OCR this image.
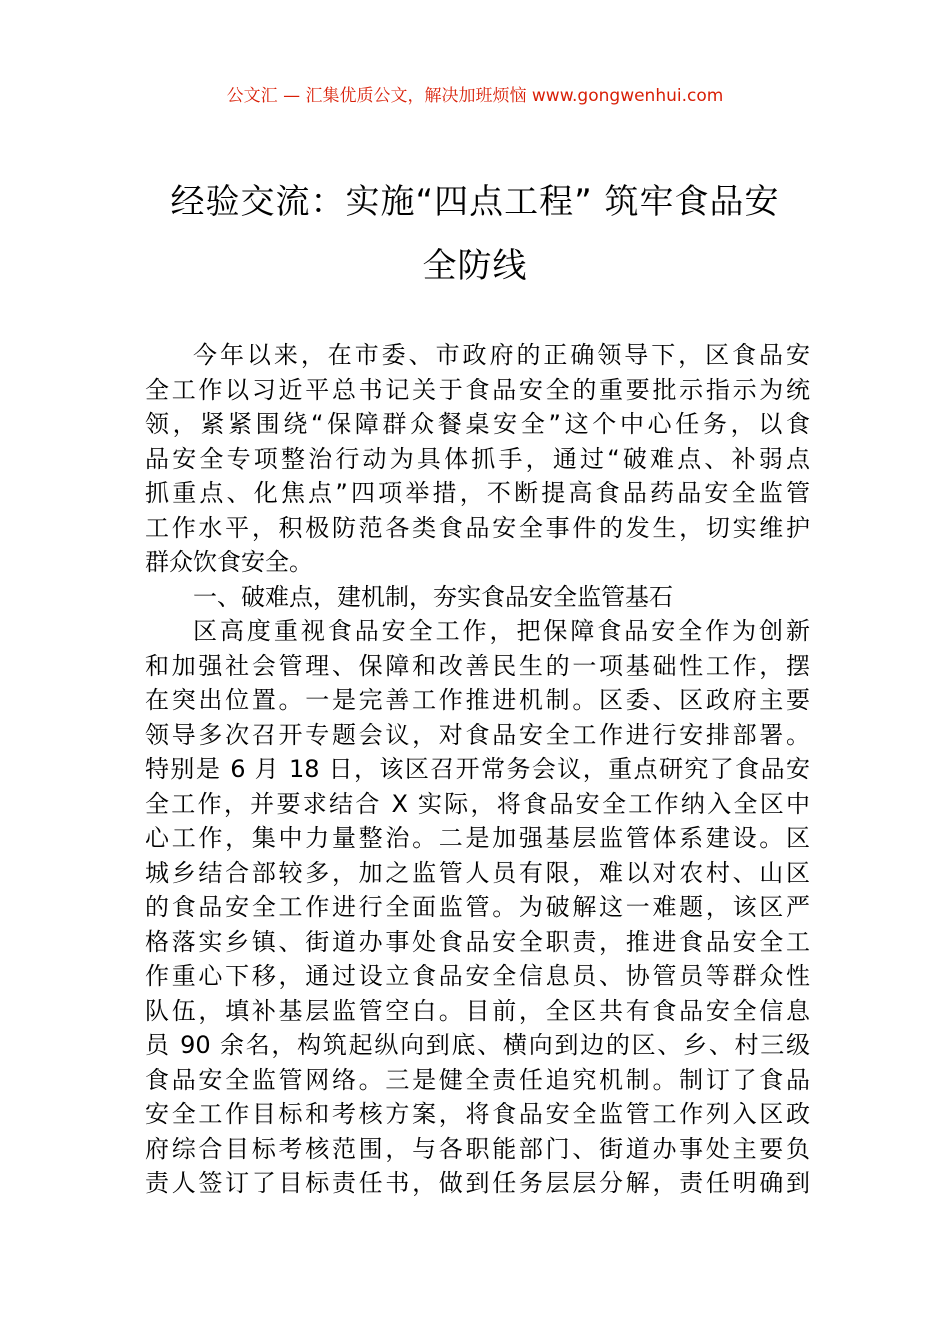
公文汇 — 汇集优质公文，解决加班烦恼 www.gongwenhui.com
经验交流：实施“四点工程” 筑牢食品安
全防线
今年以来，在市委、市政府的正确领导下，区食品安
全工作以习近平总书记关于食品安全的重要批示指示为统
领，紧紧围绕“保障群众餐桌安全”这个中心任务，以食
品安全专项整治行动为具体抓手，通过“破难点、补弱点
抓重点、化焦点”四项举措，不断提高食品药品安全监管
工作水平，积极防范各类食品安全事件的发生，切实维护
群众饮食安全。
一、破难点，建机制，夯实食品安全监管基石
区高度重视食品安全工作，把保障食品安全作为创新
和加强社会管理、保障和改善民生的一项基础性工作，摆
在突出位置。一是完善工作推进机制。区委、区政府主要
领导多次召开专题会议，对食品安全工作进行安排部署。
特别是 6 月 18 日，该区召开常务会议，重点研究了食品安
全工作，并要求结合 X 实际，将食品安全工作纳入全区中
心工作，集中力量整治。二是加强基层监管体系建设。区
城乡结合部较多，加之监管人员有限，难以对农村、山区
的食品安全工作进行全面监管。为破解这一难题，该区严
格落实乡镇、街道办事处食品安全职责，推进食品安全工
作重心下移，通过设立食品安全信息员、协管员等群众性
队伍，填补基层监管空白。目前，全区共有食品安全信息
员 90 余名，构筑起纵向到底、横向到边的区、乡、村三级
食品安全监管网络。三是健全责任追究机制。制订了食品
安全工作目标和考核方案，将食品安全监管工作列入区政
府综合目标考核范围，与各职能部门、街道办事处主要负
责人签订了目标责任书，做到任务层层分解，责任明确到
